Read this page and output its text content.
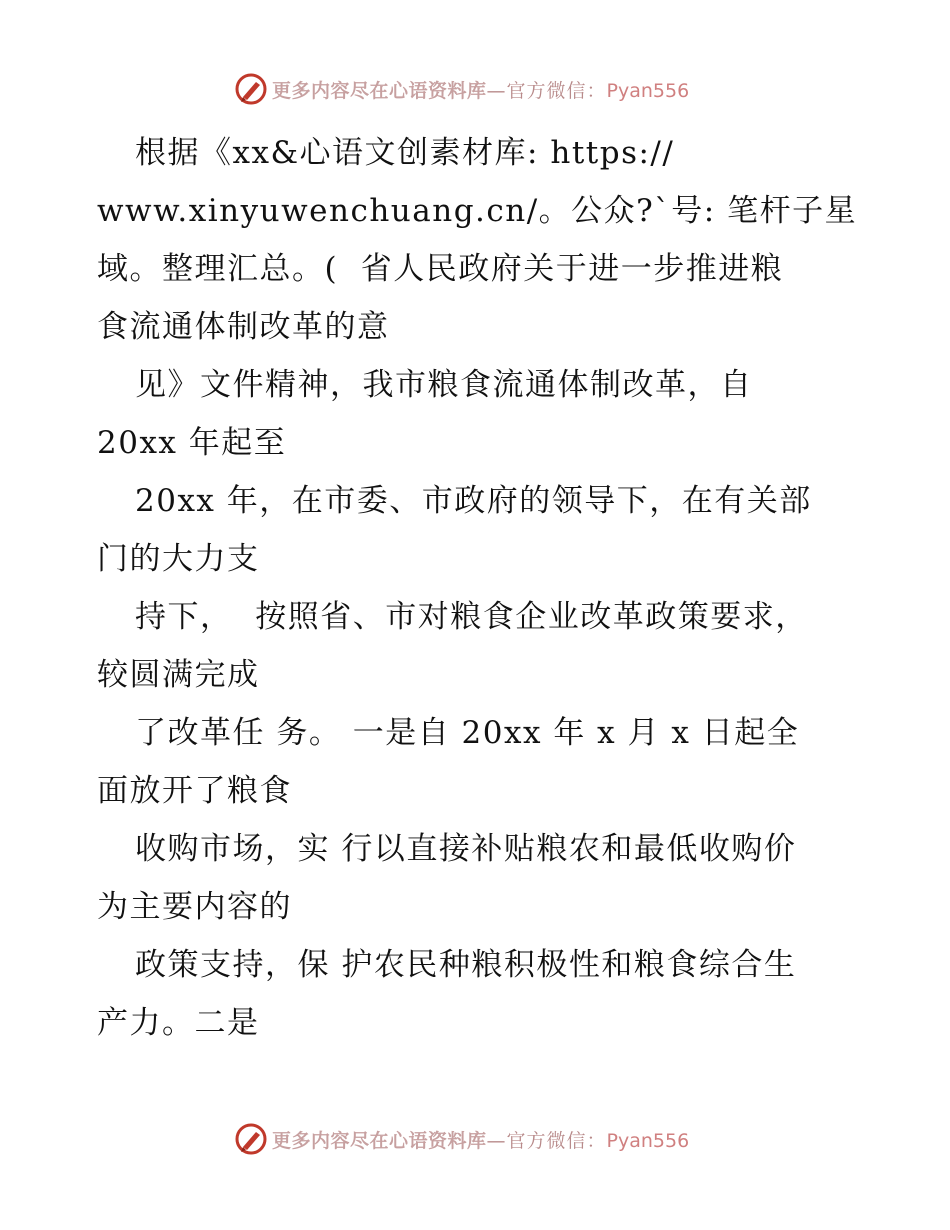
更多内容尽在心语资料库—官方微信：Pyan556
根据《xx&心语文创素材库: https://
www.xinyuwenchuang.cn/。公众?`号: 笔杆子星
域。整理汇总。(  省人民政府关于进一步推进粮
食流通体制改革的意
见》文件精神，我市粮食流通体制改革，自
20xx 年起至
20xx 年，在市委、市政府的领导下，在有关部
门的大力支
持下，  按照省、市对粮食企业改革政策要求，
较圆满完成
了改革任 务。 一是自 20xx 年 x 月 x 日起全
面放开了粮食
收购市场，实 行以直接补贴粮农和最低收购价
为主要内容的
政策支持，保 护农民种粮积极性和粮食综合生
产力。二是
更多内容尽在心语资料库—官方微信：Pyan556
